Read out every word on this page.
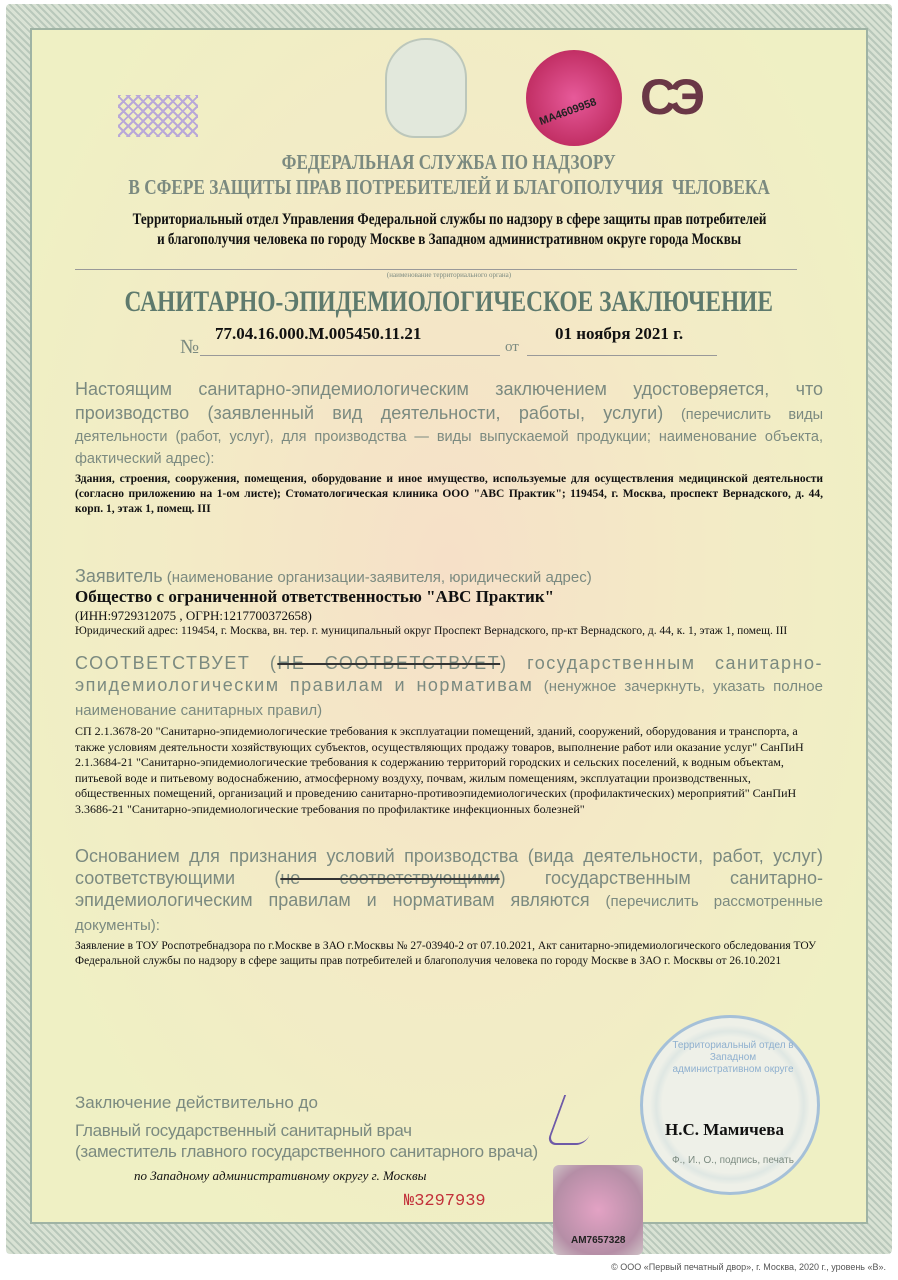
MA4609958 СЭ
ФЕДЕРАЛЬНАЯ СЛУЖБА ПО НАДЗОРУ
В СФЕРЕ ЗАЩИТЫ ПРАВ ПОТРЕБИТЕЛЕЙ И БЛАГОПОЛУЧИЯ  ЧЕЛОВЕКА
Территориальный отдел Управления Федеральной службы по надзору в сфере защиты прав потребителей
и благополучия человека по городу Москве в Западном административном округе города Москвы
(наименование территориального органа)
САНИТАРНО-ЭПИДЕМИОЛОГИЧЕСКОЕ ЗАКЛЮЧЕНИЕ
№
77.04.16.000.М.005450.11.21
от
01 ноября 2021 г.
Настоящим санитарно-эпидемиологическим заключением удостоверяется, что производство (заявленный вид деятельности, работы, услуги) (перечислить виды деятельности (работ, услуг), для производства — виды выпускаемой продукции; наименование объекта, фактический адрес):
Здания, строения, сооружения, помещения, оборудование и иное имущество, используемые для осуществления медицинской деятельности (согласно приложению на 1-ом листе); Стоматологическая клиника ООО "АВС Практик"; 119454, г. Москва, проспект Вернадского, д. 44, корп. 1, этаж 1, помещ. III
Заявитель (наименование организации-заявителя, юридический адрес)
Общество с ограниченной ответственностью "АВС Практик"
(ИНН:9729312075 , ОГРН:1217700372658)
Юридический адрес: 119454, г. Москва, вн. тер. г. муниципальный округ Проспект Вернадского, пр-кт Вернадского, д. 44, к. 1, этаж 1, помещ. III
СООТВЕТСТВУЕТ (НЕ СООТВЕТСТВУЕТ) государственным санитарно-эпидемиологическим правилам и нормативам (ненужное зачеркнуть, указать полное наименование санитарных правил)
СП 2.1.3678-20 "Санитарно-эпидемиологические требования к эксплуатации помещений, зданий, сооружений, оборудования и транспорта, а также условиям деятельности хозяйствующих субъектов, осуществляющих продажу товаров, выполнение работ или оказание услуг" СанПиН 2.1.3684-21 "Санитарно-эпидемиологические требования к содержанию территорий городских и сельских поселений, к водным объектам, питьевой воде и питьевому водоснабжению, атмосферному воздуху, почвам, жилым помещениям, эксплуатации производственных, общественных помещений, организаций и проведению санитарно-противоэпидемиологических (профилактических) мероприятий" СанПиН 3.3686-21 "Санитарно-эпидемиологические требования по профилактике инфекционных болезней"
Основанием для признания условий производства (вида деятельности, работ, услуг) соответствующими (не соответствующими) государственным санитарно-эпидемиологическим правилам и нормативам являются (перечислить рассмотренные документы):
Заявление в ТОУ Роспотребнадзора по г.Москве в ЗАО г.Москвы № 27-03940-2 от 07.10.2021, Акт санитарно-эпидемиологического обследования ТОУ Федеральной службы по надзору в сфере защиты прав потребителей и благополучия человека по городу Москве в ЗАО г. Москвы от 26.10.2021
Заключение действительно до
Главный государственный санитарный врач
(заместитель главного государственного санитарного врача)
по Западному административному округу г. Москвы
Территориальный отдел в Западном административном округе
Н.С. Мамичева
Ф., И., О., подпись, печать
№3297939
АМ7657328
© ООО «Первый печатный двор», г. Москва, 2020 г., уровень «В».
